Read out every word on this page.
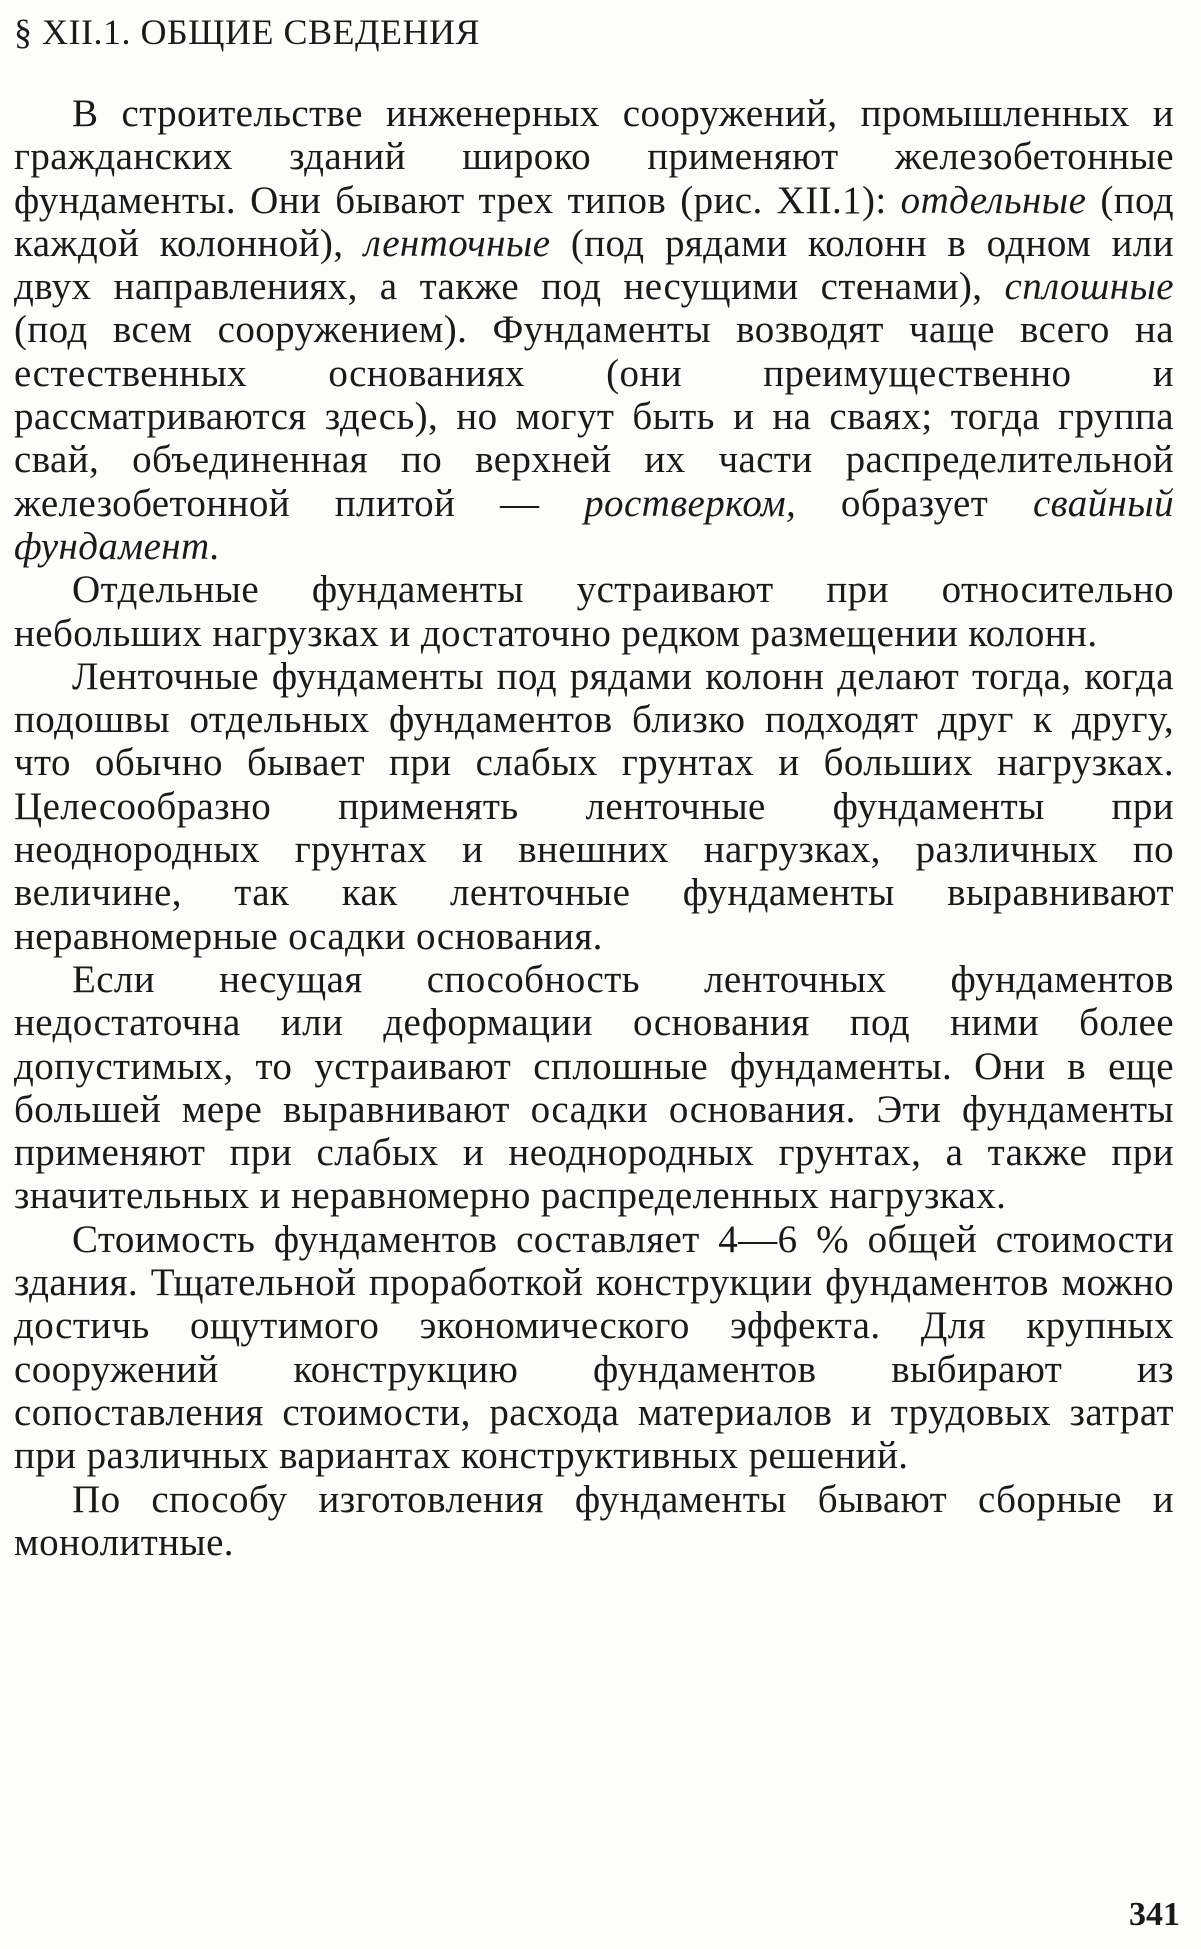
§ XII.1. ОБЩИЕ СВЕДЕНИЯ

В строительстве инженерных сооружений, промышленных и гражданских зданий широко применяют железобетонные фундаменты. Они бывают трех типов (рис. XII.1): отдельные (под каждой колонной), ленточные (под рядами колонн в одном или двух направлениях, а также под несущими стенами), сплошные (под всем сооружением). Фундаменты возводят чаще всего на естественных основаниях (они преимущественно и рассматриваются здесь), но могут быть и на сваях; тогда группа свай, объединенная по верхней их части распределительной железобетонной плитой — ростверком, образует свайный фундамент.

Отдельные фундаменты устраивают при относительно небольших нагрузках и достаточно редком размещении колонн.

Ленточные фундаменты под рядами колонн делают тогда, когда подошвы отдельных фундаментов близко подходят друг к другу, что обычно бывает при слабых грунтах и больших нагрузках. Целесообразно применять ленточные фундаменты при неоднородных грунтах и внешних нагрузках, различных по величине, так как ленточные фундаменты выравнивают неравномерные осадки основания.

Если несущая способность ленточных фундаментов недостаточна или деформации основания под ними более допустимых, то устраивают сплошные фундаменты. Они в еще большей мере выравнивают осадки основания. Эти фундаменты применяют при слабых и неоднородных грунтах, а также при значительных и неравномерно распределенных нагрузках.

Стоимость фундаментов составляет 4—6 % общей стоимости здания. Тщательной проработкой конструкции фундаментов можно достичь ощутимого экономического эффекта. Для крупных сооружений конструкцию фундаментов выбирают из сопоставления стоимости, расхода материалов и трудовых затрат при различных вариантах конструктивных решений.

По способу изготовления фундаменты бывают сборные и монолитные.

341
